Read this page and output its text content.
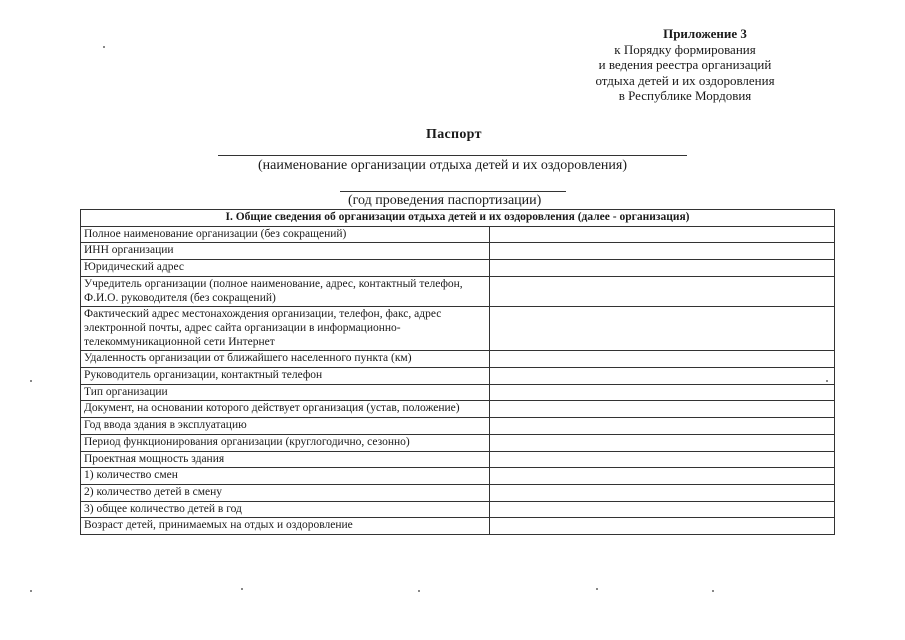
Приложение 3
к Порядку формирования
и ведения реестра организаций
отдыха детей и их оздоровления
в Республике Мордовия
Паспорт
(наименование организации отдыха детей и их оздоровления)
(год проведения паспортизации)
I. Общие сведения об организации отдыха детей и их оздоровления (далее - организация)	
Полное наименование организации (без сокращений)	
ИНН организации	
Юридический адрес	
Учредитель организации (полное наименование, адрес, контактный телефон, Ф.И.О. руководителя (без сокращений)	
Фактический адрес местонахождения организации, телефон, факс, адрес электронной почты, адрес сайта организации в информационно-телекоммуникационной сети Интернет	
Удаленность организации от ближайшего населенного пункта (км)	
Руководитель организации, контактный телефон	
Тип организации	
Документ, на основании которого действует организация (устав, положение)	
Год ввода здания в эксплуатацию	
Период функционирования организации (круглогодично, сезонно)	
Проектная мощность здания	
1) количество смен	
2) количество детей в смену	
3) общее количество детей в год	
Возраст детей, принимаемых на отдых и оздоровление	
